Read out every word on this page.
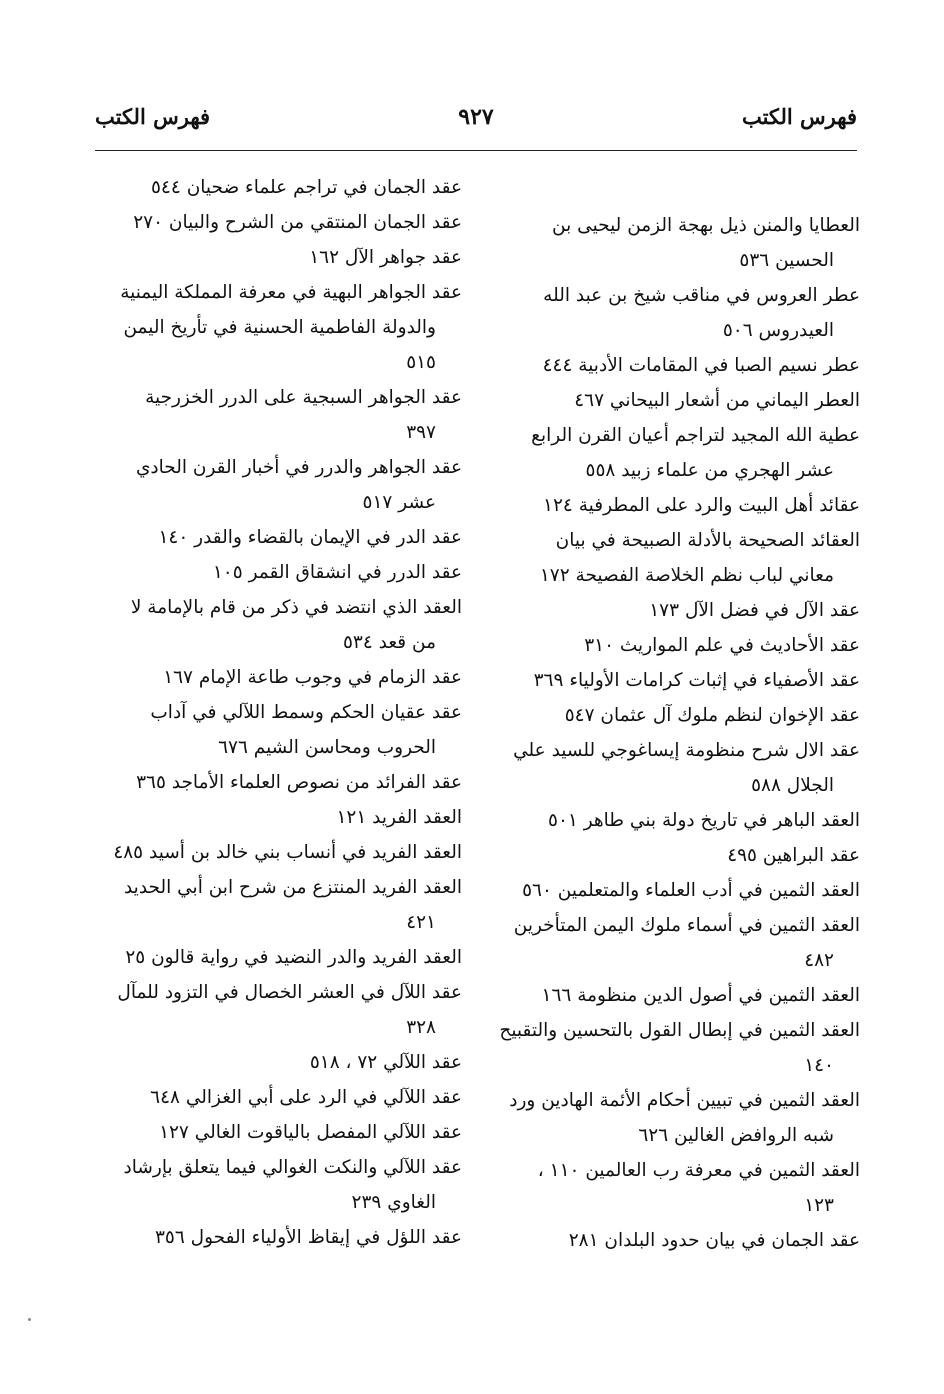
فهرس الكتب
٩٢٧
فهرس الكتب
العطايا والمنن ذيل بهجة الزمن ليحيى بن
الحسين ٥٣٦
عطر العروس في مناقب شيخ بن عبد الله
العيدروس ٥٠٦
عطر نسيم الصبا في المقامات الأدبية ٤٤٤
العطر اليماني من أشعار البيحاني ٤٦٧
عطية الله المجيد لتراجم أعيان القرن الرابع
عشر الهجري من علماء زبيد ٥٥٨
عقائد أهل البيت والرد على المطرفية ١٢٤
العقائد الصحيحة بالأدلة الصبيحة في بيان
معاني لباب نظم الخلاصة الفصيحة ١٧٢
عقد الآل في فضل الآل ١٧٣
عقد الأحاديث في علم المواريث ٣١٠
عقد الأصفياء في إثبات كرامات الأولياء ٣٦٩
عقد الإخوان لنظم ملوك آل عثمان ٥٤٧
عقد الال شرح منظومة إيساغوجي للسيد علي
الجلال ٥٨٨
العقد الباهر في تاريخ دولة بني طاهر ٥٠١
عقد البراهين ٤٩٥
العقد الثمين في أدب العلماء والمتعلمين ٥٦٠
العقد الثمين في أسماء ملوك اليمن المتأخرين
٤٨٢
العقد الثمين في أصول الدين منظومة ١٦٦
العقد الثمين في إبطال القول بالتحسين والتقبيح
١٤٠
العقد الثمين في تبيين أحكام الأئمة الهادين ورد
شبه الروافض الغالين ٦٢٦
العقد الثمين في معرفة رب العالمين ١١٠ ،
١٢٣
عقد الجمان في بيان حدود البلدان ٢٨١
عقد الجمان في تراجم علماء ضحيان ٥٤٤
عقد الجمان المنتقي من الشرح والبيان ٢٧٠
عقد جواهر الآل ١٦٢
عقد الجواهر البهية في معرفة المملكة اليمنية
والدولة الفاطمية الحسنية في تأريخ اليمن
٥١٥
عقد الجواهر السبجية على الدرر الخزرجية
٣٩٧
عقد الجواهر والدرر في أخبار القرن الحادي
عشر ٥١٧
عقد الدر في الإيمان بالقضاء والقدر ١٤٠
عقد الدرر في انشقاق القمر ١٠٥
العقد الذي انتضد في ذكر من قام بالإمامة لا
من قعد ٥٣٤
عقد الزمام في وجوب طاعة الإمام ١٦٧
عقد عقيان الحكم وسمط اللآلي في آداب
الحروب ومحاسن الشيم ٦٧٦
عقد الفرائد من نصوص العلماء الأماجد ٣٦٥
العقد الفريد ١٢١
العقد الفريد في أنساب بني خالد بن أسيد ٤٨٥
العقد الفريد المنتزع من شرح ابن أبي الحديد
٤٢١
العقد الفريد والدر النضيد في رواية قالون ٢٥
عقد اللآل في العشر الخصال في التزود للمآل
٣٢٨
عقد اللآلي ٧٢ ، ٥١٨
عقد اللآلي في الرد على أبي الغزالي ٦٤٨
عقد اللآلي المفصل بالياقوت الغالي ١٢٧
عقد اللآلي والنكت الغوالي فيما يتعلق بإرشاد
الغاوي ٢٣٩
عقد اللؤل في إيقاظ الأولياء الفحول ٣٥٦
